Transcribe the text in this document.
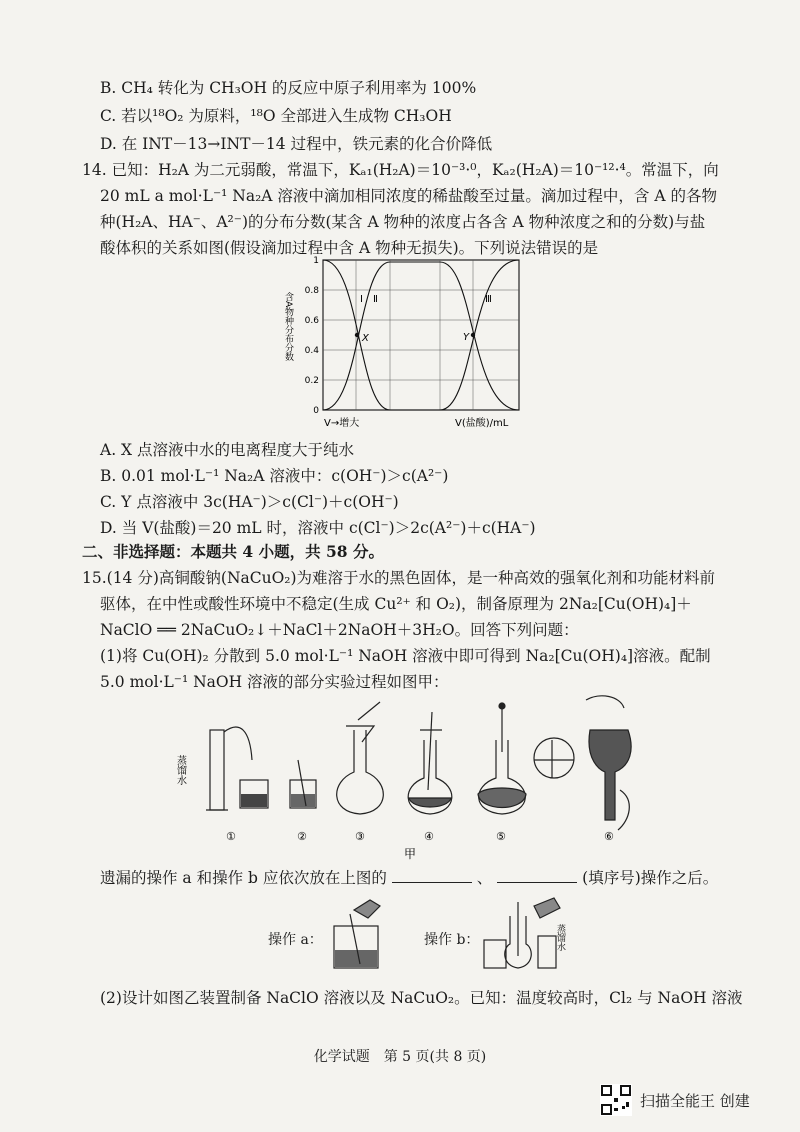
B. CH₄ 转化为 CH₃OH 的反应中原子利用率为 100%
C. 若以¹⁸O₂ 为原料，¹⁸O 全部进入生成物 CH₃OH
D. 在 INT－13→INT－14 过程中，铁元素的化合价降低
14. 已知：H₂A 为二元弱酸，常温下，Kₐ₁(H₂A)＝10⁻³·⁰，Kₐ₂(H₂A)＝10⁻¹²·⁴。常温下，向
20 mL a mol·L⁻¹ Na₂A 溶液中滴加相同浓度的稀盐酸至过量。滴加过程中，含 A 的各物
种(H₂A、HA⁻、A²⁻)的分布分数(某含 A 物种的浓度占各含 A 物种浓度之和的分数)与盐
酸体积的关系如图(假设滴加过程中含 A 物种无损失)。下列说法错误的是
含A物种分布分数
0
0.2
0.4
0.6
0.8
1
Ⅰ Ⅱ	Ⅲ
X	Y
V→增大	V(盐酸)/mL
A. X 点溶液中水的电离程度大于纯水
B. 0.01 mol·L⁻¹ Na₂A 溶液中：c(OH⁻)＞c(A²⁻)
C. Y 点溶液中 3c(HA⁻)＞c(Cl⁻)＋c(OH⁻)
D. 当 V(盐酸)＝20 mL 时，溶液中 c(Cl⁻)＞2c(A²⁻)＋c(HA⁻)
二、非选择题：本题共 4 小题，共 58 分。
15.(14 分)高铜酸钠(NaCuO₂)为难溶于水的黑色固体，是一种高效的强氧化剂和功能材料前
驱体，在中性或酸性环境中不稳定(生成 Cu²⁺ 和 O₂)，制备原理为 2Na₂[Cu(OH)₄]＋
NaClO ══ 2NaCuO₂↓＋NaCl＋2NaOH＋3H₂O。回答下列问题：
(1)将 Cu(OH)₂ 分散到 5.0 mol·L⁻¹ NaOH 溶液中即可得到 Na₂[Cu(OH)₄]溶液。配制
5.0 mol·L⁻¹ NaOH 溶液的部分实验过程如图甲：
蒸馏水
①	②	③	④	⑤	⑥
甲
遗漏的操作 a 和操作 b 应依次放在上图的	、	(填序号)操作之后。
操作 a：	操作 b：	蒸馏水
(2)设计如图乙装置制备 NaClO 溶液以及 NaCuO₂。已知：温度较高时，Cl₂ 与 NaOH 溶液
化学试题　第 5 页(共 8 页)
扫描全能王 创建
